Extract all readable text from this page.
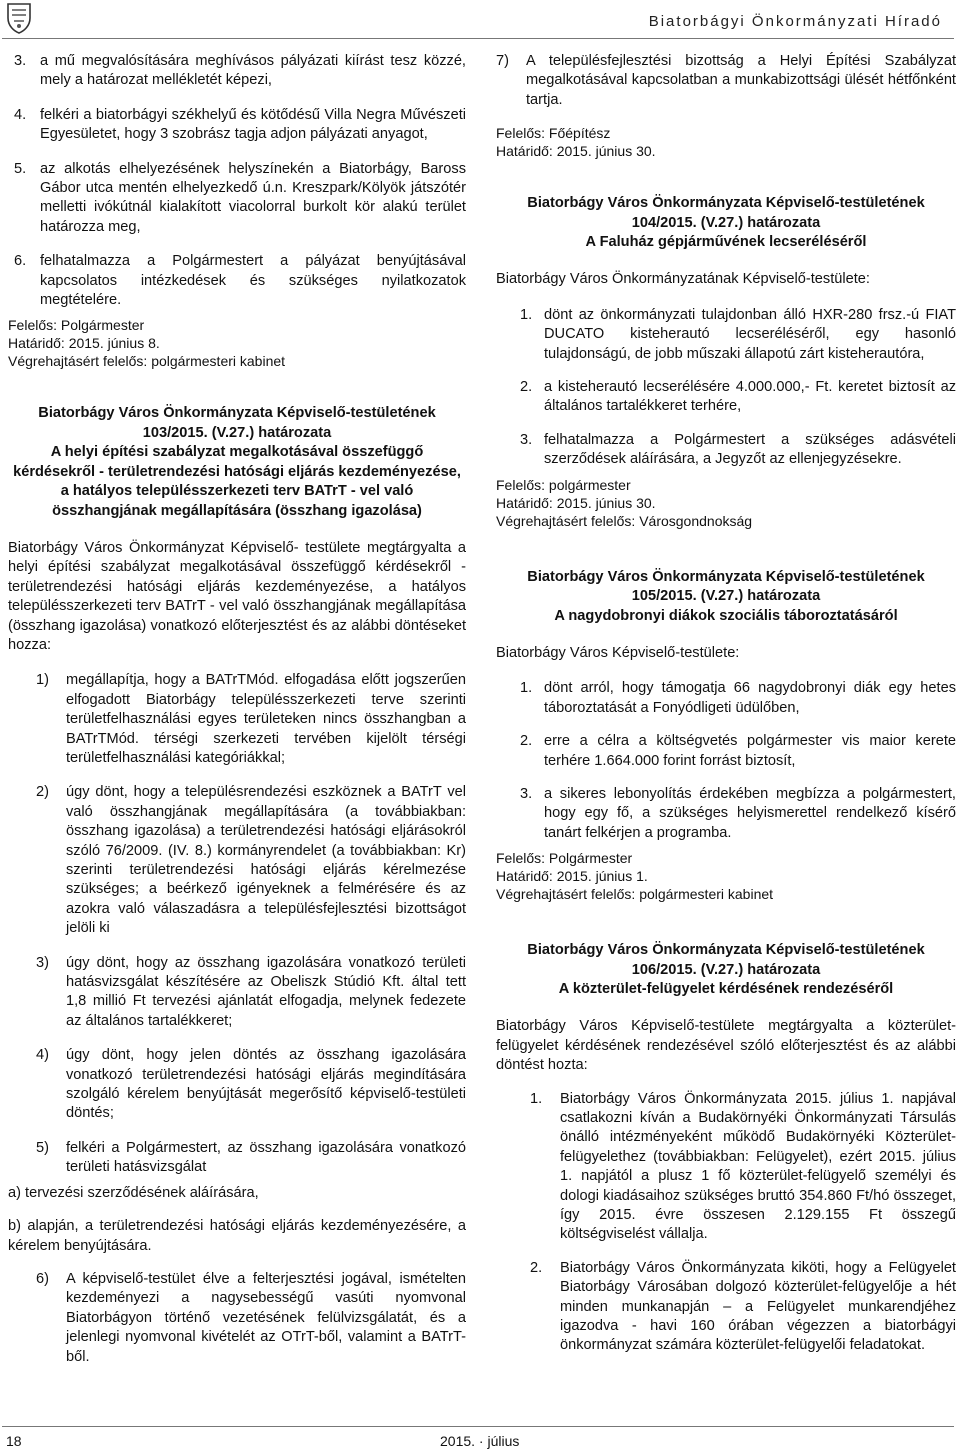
Biatorbágyi Önkormányzati Híradó
3. a mű megvalósítására meghívásos pályázati kiírást tesz közzé, mely a határozat mellékletét képezi,
4. felkéri a biatorbágyi székhelyű és kötődésű Villa Negra Művészeti Egyesületet, hogy 3 szobrász tagja adjon pályázati anyagot,
5. az alkotás elhelyezésének helyszínekén a Biatorbágy, Baross Gábor utca mentén elhelyezkedő ú.n. Kreszpark/Kölyök játszótér melletti ivókútnál kialakított viacolorral burkolt kör alakú terület határozza meg,
6. felhatalmazza a Polgármestert a pályázat benyújtásával kapcsolatos intézkedések és szükséges nyilatkozatok megtételére.

Felelős: Polgármester

Határidő: 2015. június 8.

Végrehajtásért felelős: polgármesteri kabinet

Biatorbágy Város Önkormányzata Képviselő-testületének

103/2015. (V.27.) határozata

A helyi építési szabályzat megalkotásával összefüggő kérdésekről - területrendezési hatósági eljárás kezdeményezése, a hatályos településszerkezeti terv BATrT - vel való összhangjának megállapítására (összhang igazolása)

Biatorbágy Város Önkormányzat Képviselő- testülete megtárgyalta a helyi építési szabályzat megalkotásával összefüggő kérdésekről - területrendezési hatósági eljárás kezdeményezése, a hatályos településszerkezeti terv BATrT - vel való összhangjának megállapítása (összhang igazolása) vonatkozó előterjesztést és az alábbi döntéseket hozza:

1)	megállapítja, hogy a BATrTMód. elfogadása előtt jogszerűen elfogadott Biatorbágy településszerkezeti terve szerinti területfelhasználási egyes területeken nincs összhangban a BATrTMód. térségi szerkezeti tervében kijelölt térségi területfelhasználási kategóriákkal;
2)	úgy dönt, hogy a településrendezési eszköznek a BATrT vel való összhangjának megállapítására (a továbbiakban: összhang igazolása) a területrendezési hatósági eljárásokról szóló 76/2009. (IV. 8.) kormányrendelet (a továbbiakban: Kr) szerinti területrendezési hatósági eljárás kérelmezése szükséges; a beérkező igényeknek a felmérésére és az azokra való válaszadásra a településfejlesztési bizottságot jelöli ki
3)	úgy dönt, hogy az összhang igazolására vonatkozó területi hatásvizsgálat készítésére az Obeliszk Stúdió Kft. által tett 1,8 millió Ft tervezési ajánlatát elfogadja, melynek fedezete az általános tartalékkeret;
4)	úgy dönt, hogy jelen döntés az összhang igazolására vonatkozó területrendezési hatósági eljárás megindítására szolgáló kérelem benyújtását megerősítő képviselő-testületi döntés;
5)	felkéri a Polgármestert, az összhang igazolására vonatkozó területi hatásvizsgálat

a) tervezési szerződésének aláírására,

b) alapján, a területrendezési hatósági eljárás kezdeményezésére, a kérelem benyújtására.

6)	A képviselő-testület élve a felterjesztési jogával, ismételten kezdeményezi a nagysebességű vasúti nyomvonal Biatorbágyon történő vezetésének felülvizsgálatát, és a jelenlegi nyomvonal kivételét az OTrT-ből, valamint a BATrT-ből.
7)	A településfejlesztési bizottság a Helyi Építési Szabályzat megalkotásával kapcsolatban a munkabizottsági ülését hétfőnként tartja.

Felelős: Főépítész

Határidő: 2015. június 30.

Biatorbágy Város Önkormányzata Képviselő-testületének

104/2015. (V.27.) határozata

A Faluház gépjárművének lecseréléséről

Biatorbágy Város Önkormányzatának Képviselő-testülete:

1. dönt az önkormányzati tulajdonban álló HXR-280 frsz.-ú FIAT DUCATO kisteherautó lecseréléséről, egy hasonló tulajdonságú, de jobb műszaki állapotú zárt kisteherautóra,
2. a kisteherautó lecserélésére 4.000.000,- Ft. keretet biztosít az általános tartalékkeret terhére,
3. felhatalmazza a Polgármestert a szükséges adásvételi szerződések aláírására, a Jegyzőt az ellenjegyzésekre.

Felelős: polgármester

Határidő: 2015. június 30.

Végrehajtásért felelős: Városgondnokság

Biatorbágy Város Önkormányzata Képviselő-testületének

105/2015. (V.27.) határozata

A nagydobronyi diákok szociális táboroztatásáról

Biatorbágy Város Képviselő-testülete:

1. dönt arról, hogy támogatja 66 nagydobronyi diák egy hetes táboroztatását a Fonyódligeti üdülőben,
2. erre a célra a költségvetés polgármester vis maior kerete terhére 1.664.000 forint forrást biztosít,
3. a sikeres lebonyolítás érdekében megbízza a polgármestert, hogy egy fő, a szükséges helyismerettel rendelkező kísérő tanárt felkérjen a programba.

Felelős: Polgármester

Határidő: 2015. június 1.

Végrehajtásért felelős: polgármesteri kabinet

Biatorbágy Város Önkormányzata Képviselő-testületének

106/2015. (V.27.) határozata

A közterület-felügyelet kérdésének rendezéséről

Biatorbágy Város Képviselő-testülete megtárgyalta a közterület-felügyelet kérdésének rendezésével szóló előterjesztést és az alábbi döntést hozta:

1.	Biatorbágy Város Önkormányzata 2015. július 1. napjával csatlakozni kíván a Budakörnyéki Önkormányzati Társulás önálló intézményeként működő Budakörnyéki Közterület-felügyelethez (továbbiakban: Felügyelet), ezért 2015. július 1. napjától a plusz 1 fő közterület-felügyelő személyi és dologi kiadásaihoz szükséges bruttó 354.860 Ft/hó összeget, így 2015. évre összesen 2.129.155 Ft összegű költségviselést vállalja.
2.	Biatorbágy Város Önkormányzata kiköti, hogy a Felügyelet Biatorbágy Városában dolgozó közterület-felügyelője a hét minden munkanapján – a Felügyelet munkarendjéhez igazodva - havi 160 órában végezzen a biatorbágyi önkormányzat számára közterület-felügyelői feladatokat.
18	2015. · július
